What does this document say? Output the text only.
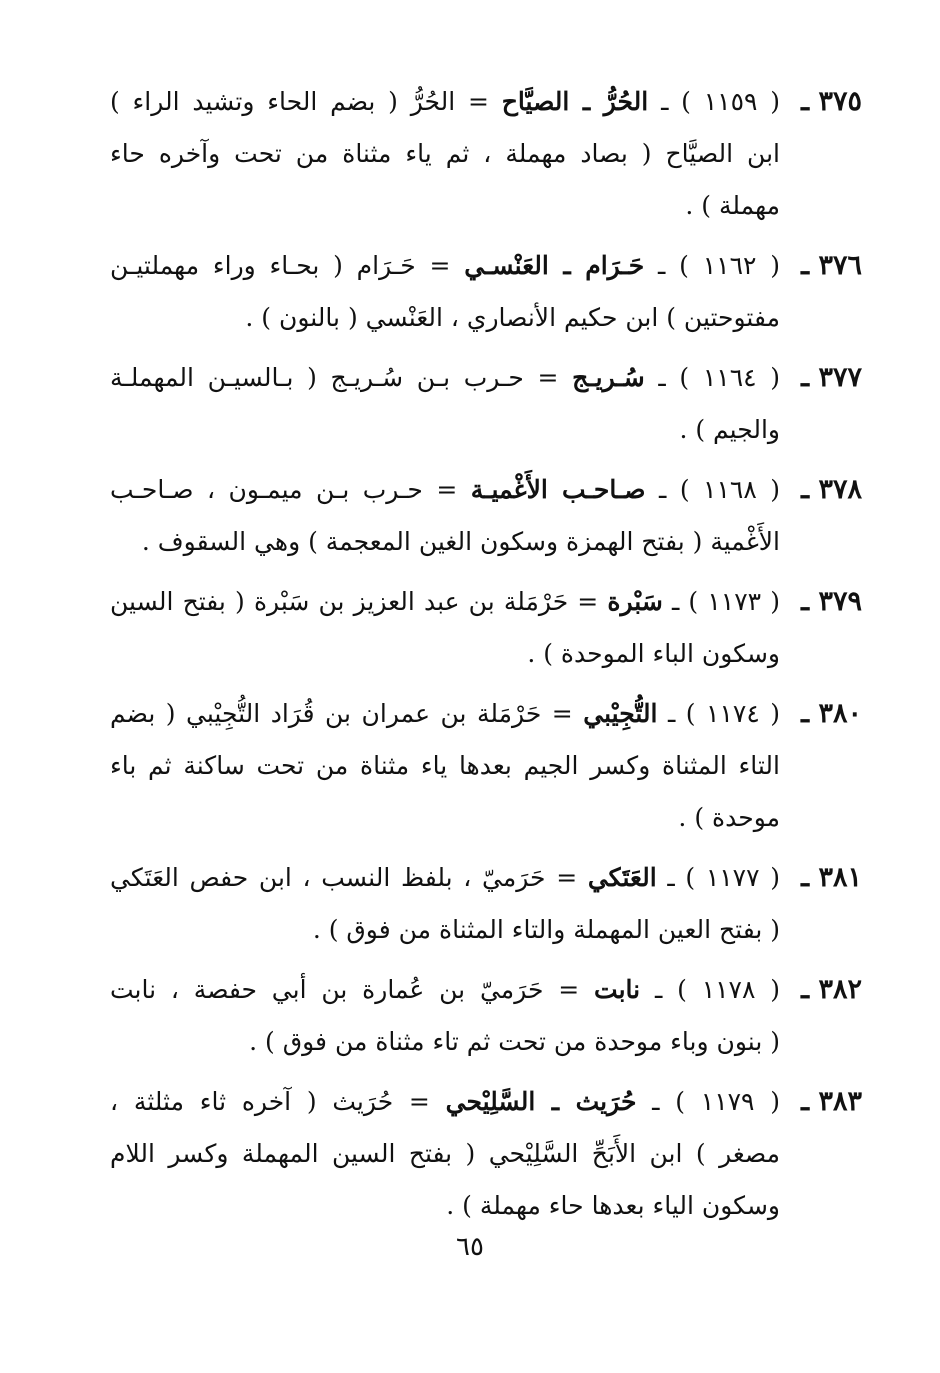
٣٧٥ ـ
( ١١٥٩ ) ـ الحُرُّ ـ الصيَّاح = الحُرُّ ( بضم الحاء وتشيد الراء )
ابن الصيَّاح ( بصاد مهملة ، ثم ياء مثناة من تحت وآخره حاء
مهملة ) .
٣٧٦ ـ
( ١١٦٢ ) ـ حَـرَام ـ العَنْسـي = حَـرَام ( بحـاء وراء مهملتيـن
مفتوحتين ) ابن حكيم الأنصاري ، العَنْسي ( بالنون ) .
٣٧٧ ـ
( ١١٦٤ ) ـ سُـريـج = حـرب بـن سُـريـج ( بـالسيـن المهملـة
والجيم ) .
٣٧٨ ـ
( ١١٦٨ ) ـ صـاحـب الأَغْميـة = حـرب بـن ميمـون ، صـاحـب
الأَغْمية ( بفتح الهمزة وسكون الغين المعجمة ) وهي السقوف .
٣٧٩ ـ
( ١١٧٣ ) ـ سَبْرة = حَرْمَلة بن عبد العزيز بن سَبْرة ( بفتح السين
وسكون الباء الموحدة ) .
٣٨٠ ـ
( ١١٧٤ ) ـ التُّجِيْبي = حَرْمَلة بن عمران بن قُرَاد التُّجِيْبي ( بضم
التاء المثناة وكسر الجيم بعدها ياء مثناة من تحت ساكنة ثم باء
موحدة ) .
٣٨١ ـ
( ١١٧٧ ) ـ العَتَكي = حَرَميّ ، بلفظ النسب ، ابن حفص العَتَكي
( بفتح العين المهملة والتاء المثناة من فوق ) .
٣٨٢ ـ
( ١١٧٨ ) ـ نابت = حَرَميّ بن عُمارة بن أبي حفصة ، نابت
( بنون وباء موحدة من تحت ثم تاء مثناة من فوق ) .
٣٨٣ ـ
( ١١٧٩ ) ـ حُرَيث ـ السَّلِيْحي = حُرَيث ( آخره ثاء مثلثة ،
مصغر ) ابن الأَبَحِّ السَّلِيْحي ( بفتح السين المهملة وكسر اللام
وسكون الياء بعدها حاء مهملة ) .
٦٥
